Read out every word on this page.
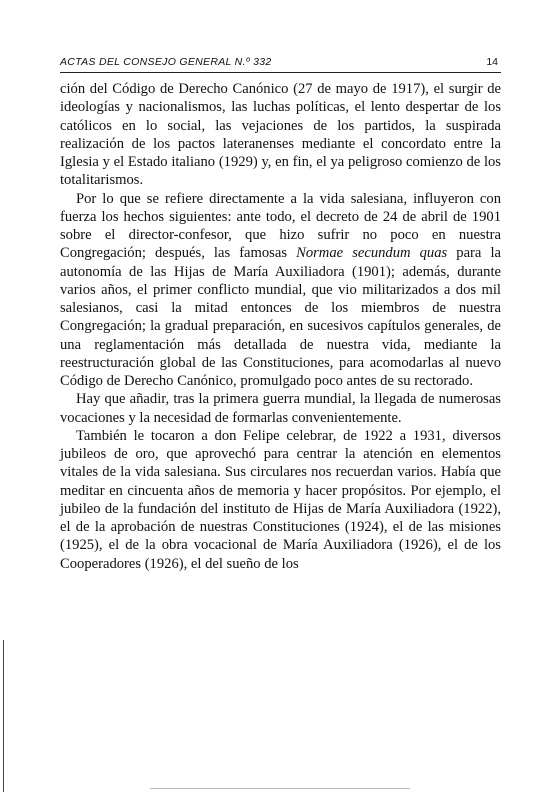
ACTAS DEL CONSEJO GENERAL N.º 332	14

ción del Código de Derecho Canónico (27 de mayo de 1917), el surgir de ideologías y nacionalismos, las luchas políticas, el lento despertar de los católicos en lo social, las vejaciones de los partidos, la suspirada realización de los pactos lateranenses mediante el concordato entre la Iglesia y el Estado italiano (1929) y, en fin, el ya peligroso comienzo de los totalitarismos.

Por lo que se refiere directamente a la vida salesiana, influyeron con fuerza los hechos siguientes: ante todo, el decreto de 24 de abril de 1901 sobre el director-confesor, que hizo sufrir no poco en nuestra Congregación; después, las famosas Normae secundum quas para la autonomía de las Hijas de María Auxiliadora (1901); además, durante varios años, el primer conflicto mundial, que vio militarizados a dos mil salesianos, casi la mitad entonces de los miembros de nuestra Congregación; la gradual preparación, en sucesivos capítulos generales, de una reglamentación más detallada de nuestra vida, mediante la reestructuración global de las Constituciones, para acomodarlas al nuevo Código de Derecho Canónico, promulgado poco antes de su rectorado.

Hay que añadir, tras la primera guerra mundial, la llegada de numerosas vocaciones y la necesidad de formarlas convenientemente.

También le tocaron a don Felipe celebrar, de 1922 a 1931, diversos jubileos de oro, que aprovechó para centrar la atención en elementos vitales de la vida salesiana. Sus circulares nos recuerdan varios. Había que meditar en cincuenta años de memoria y hacer propósitos. Por ejemplo, el jubileo de la fundación del instituto de Hijas de María Auxiliadora (1922), el de la aprobación de nuestras Constituciones (1924), el de las misiones (1925), el de la obra vocacional de María Auxiliadora (1926), el de los Cooperadores (1926), el del sueño de los
